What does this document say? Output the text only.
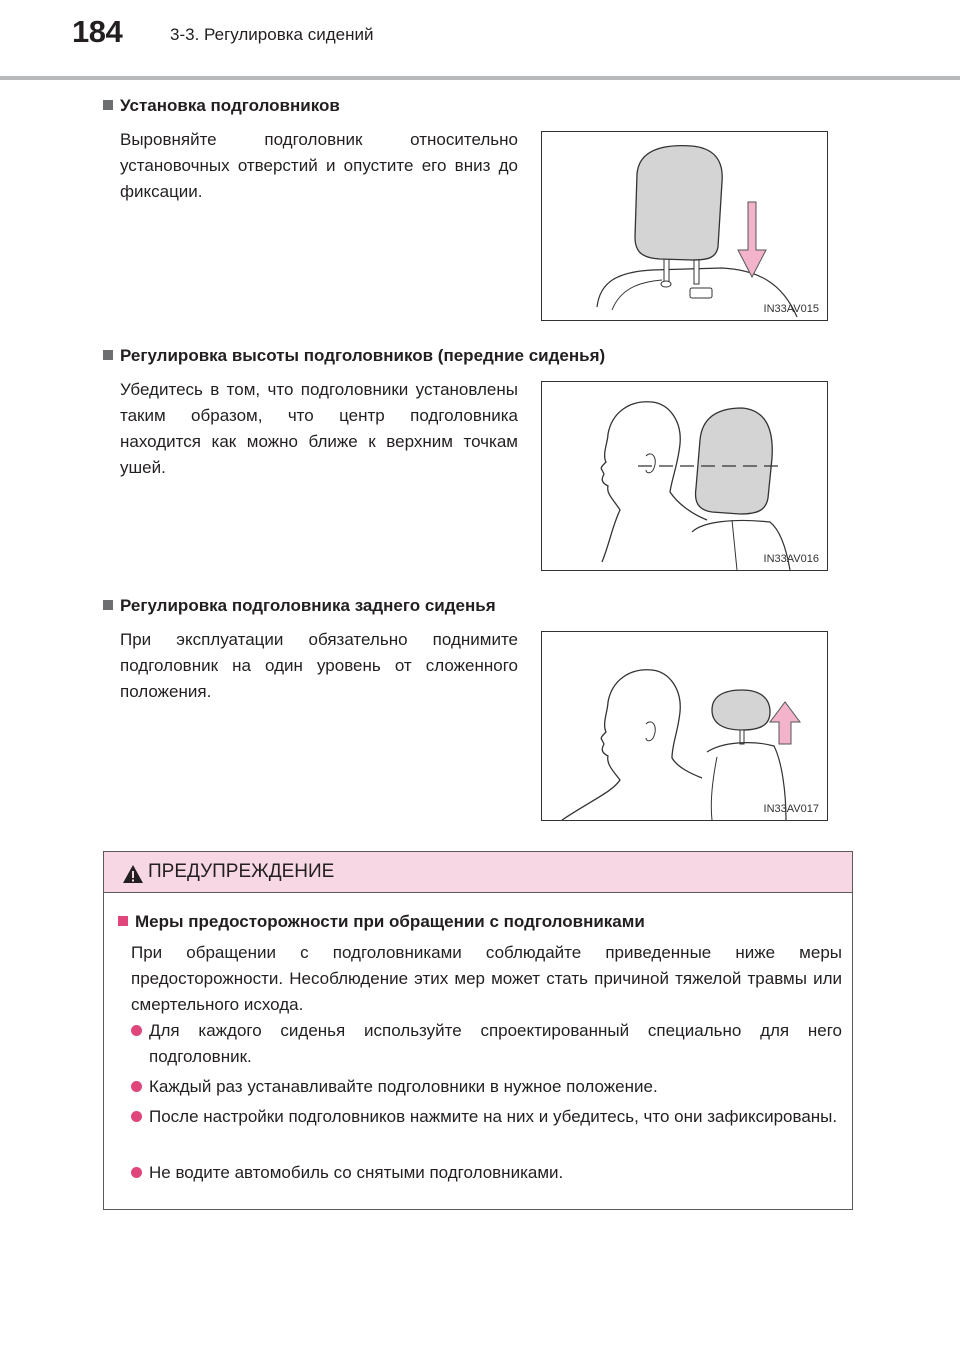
184	3-3. Регулировка сидений
Установка подголовников
Выровняйте подголовник относительно установочных отверстий и опустите его вниз до фиксации.
IN33AV015
Регулировка высоты подголовников (передние сиденья)
Убедитесь в том, что подголовники установлены таким образом, что центр подголовника находится как можно ближе к верхним точкам ушей.
IN33AV016
Регулировка подголовника заднего сиденья
При эксплуатации обязательно поднимите подголовник на один уровень от сложенного положения.
IN33AV017
ПРЕДУПРЕЖДЕНИЕ
Меры предосторожности при обращении с подголовниками
При обращении с подголовниками соблюдайте приведенные ниже меры предосторожности. Несоблюдение этих мер может стать причиной тяжелой травмы или смертельного исхода.
Для каждого сиденья используйте спроектированный специально для него подголовник.
Каждый раз устанавливайте подголовники в нужное положение.
После настройки подголовников нажмите на них и убедитесь, что они зафиксированы.
Не водите автомобиль со снятыми подголовниками.
